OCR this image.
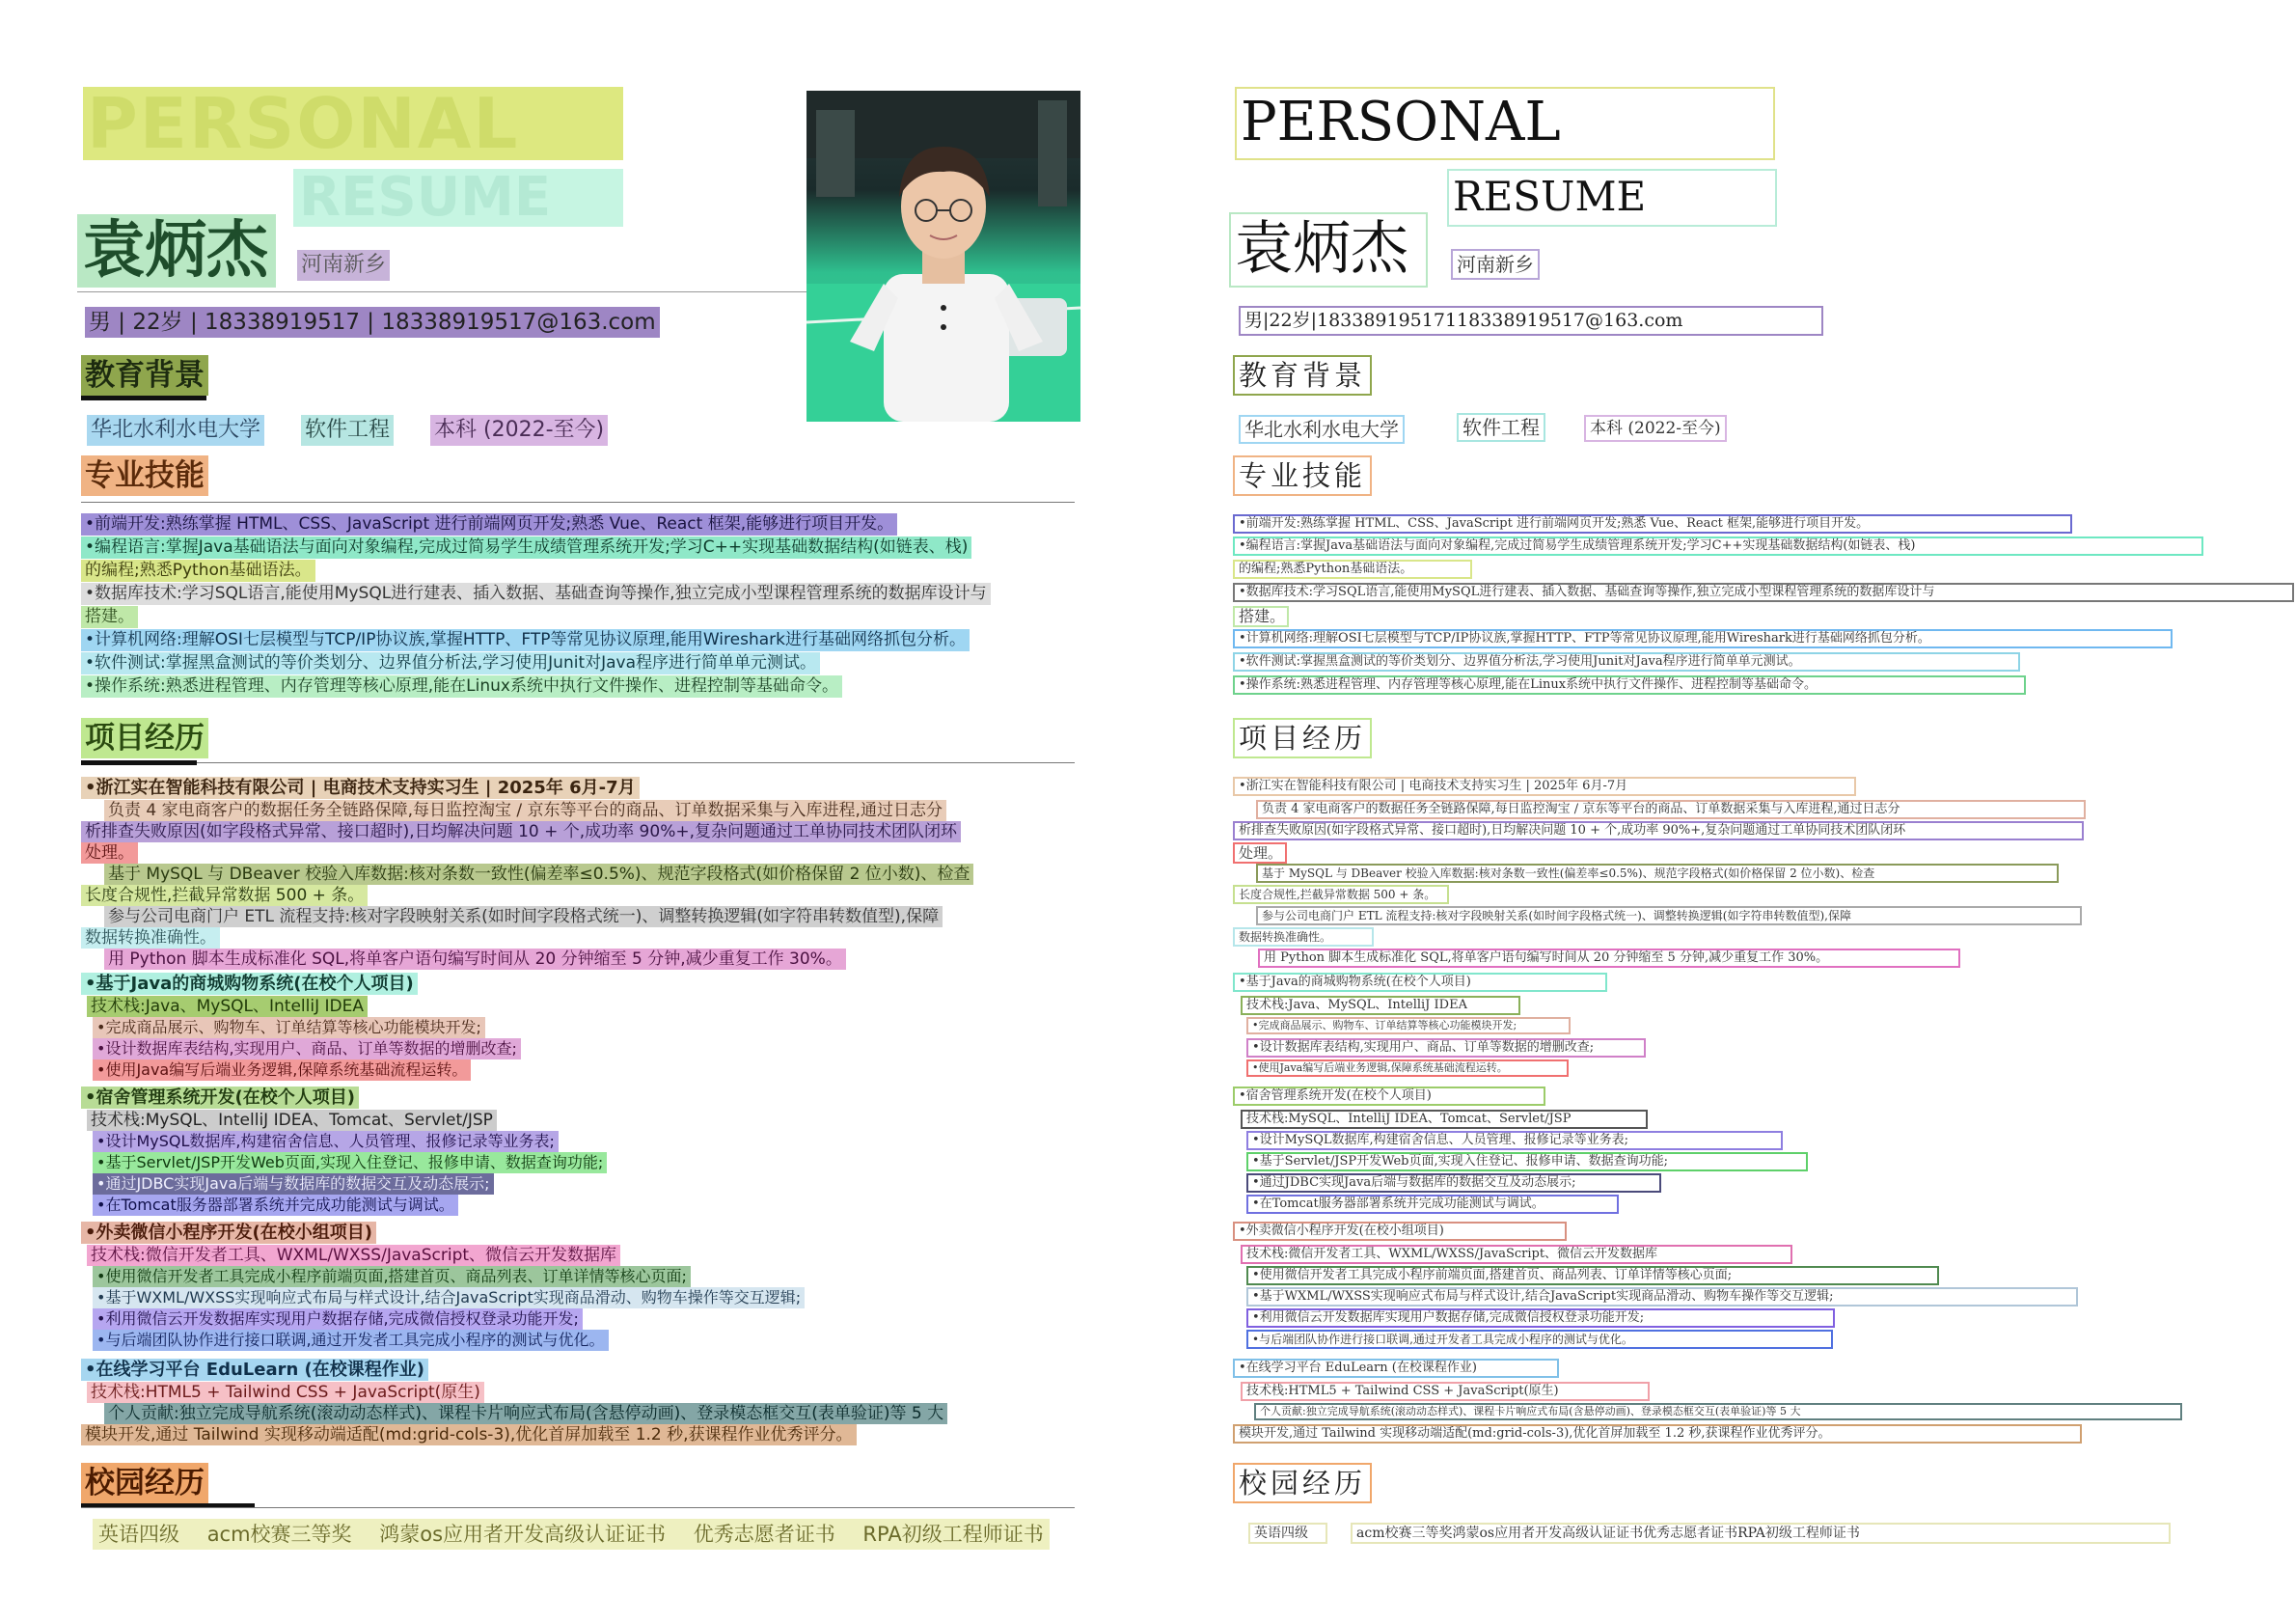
PERSONAL
RESUME
袁炳杰	河南新乡
男 | 22岁 | 18338919517 | 18338919517@163.com
教育背景
华北水利水电大学 软件工程 本科 (2022-至今)
专业技能
•前端开发:熟练掌握 HTML、CSS、JavaScript 进行前端网页开发;熟悉 Vue、React 框架,能够进行项目开发。
•编程语言:掌握Java基础语法与面向对象编程,完成过简易学生成绩管理系统开发;学习C++实现基础数据结构(如链表、栈)
的编程;熟悉Python基础语法。
•数据库技术:学习SQL语言,能使用MySQL进行建表、插入数据、基础查询等操作,独立完成小型课程管理系统的数据库设计与
搭建。
•计算机网络:理解OSI七层模型与TCP/IP协议族,掌握HTTP、FTP等常见协议原理,能用Wireshark进行基础网络抓包分析。
•软件测试:掌握黑盒测试的等价类划分、边界值分析法,学习使用Junit对Java程序进行简单单元测试。
•操作系统:熟悉进程管理、内存管理等核心原理,能在Linux系统中执行文件操作、进程控制等基础命令。
项目经历
•浙江实在智能科技有限公司 | 电商技术支持实习生 | 2025年 6月-7月
负责 4 家电商客户的数据任务全链路保障,每日监控淘宝 / 京东等平台的商品、订单数据采集与入库进程,通过日志分
析排查失败原因(如字段格式异常、接口超时),日均解决问题 10 + 个,成功率 90%+,复杂问题通过工单协同技术团队闭环
处理。
基于 MySQL 与 DBeaver 校验入库数据:核对条数一致性(偏差率≤0.5%)、规范字段格式(如价格保留 2 位小数)、检查
长度合规性,拦截异常数据 500 + 条。
参与公司电商门户 ETL 流程支持:核对字段映射关系(如时间字段格式统一)、调整转换逻辑(如字符串转数值型),保障
数据转换准确性。
用 Python 脚本生成标准化 SQL,将单客户语句编写时间从 20 分钟缩至 5 分钟,减少重复工作 30%。
•基于Java的商城购物系统(在校个人项目)
技术栈:Java、MySQL、IntelliJ IDEA
•完成商品展示、购物车、订单结算等核心功能模块开发;
•设计数据库表结构,实现用户、商品、订单等数据的增删改查;
•使用Java编写后端业务逻辑,保障系统基础流程运转。
•宿舍管理系统开发(在校个人项目)
技术栈:MySQL、IntelliJ IDEA、Tomcat、Servlet/JSP
•设计MySQL数据库,构建宿舍信息、人员管理、报修记录等业务表;
•基于Servlet/JSP开发Web页面,实现入住登记、报修申请、数据查询功能;
•通过JDBC实现Java后端与数据库的数据交互及动态展示;
•在Tomcat服务器部署系统并完成功能测试与调试。
•外卖微信小程序开发(在校小组项目)
技术栈:微信开发者工具、WXML/WXSS/JavaScript、微信云开发数据库
•使用微信开发者工具完成小程序前端页面,搭建首页、商品列表、订单详情等核心页面;
•基于WXML/WXSS实现响应式布局与样式设计,结合JavaScript实现商品滑动、购物车操作等交互逻辑;
•利用微信云开发数据库实现用户数据存储,完成微信授权登录功能开发;
•与后端团队协作进行接口联调,通过开发者工具完成小程序的测试与优化。
•在线学习平台 EduLearn (在校课程作业)
技术栈:HTML5 + Tailwind CSS + JavaScript(原生)
个人贡献:独立完成导航系统(滚动动态样式)、课程卡片响应式布局(含悬停动画)、登录模态框交互(表单验证)等 5 大
模块开发,通过 Tailwind 实现移动端适配(md:grid-cols-3),优化首屏加载至 1.2 秒,获课程作业优秀评分。
校园经历
英语四级 acm校赛三等奖 鸿蒙os应用者开发高级认证证书 优秀志愿者证书 RPA初级工程师证书
PERSONAL
RESUME
袁炳杰	河南新乡
男|22岁|1833891951711833891951​7@163.com
教育背景
华北水利水电大学	软件工程	本科 (2022-至今)
专业技能
•前端开发:熟练掌握 HTML、CSS、JavaScript 进行前端网页开发;熟悉 Vue、React 框架,能够进行项目开发。
•编程语言:掌握Java基础语法与面向对象编程,完成过简易学生成绩管理系统开发;学习C++实现基础数据结构(如链表、栈)
的编程;熟悉Python基础语法。
•数据库技术:学习SQL语言,能使用MySQL进行建表、插入数据、基础查询等操作,独立完成小型课程管理系统的数据库设计与
搭建。
•计算机网络:理解OSI七层模型与TCP/IP协议族,掌握HTTP、FTP等常见协议原理,能用Wireshark进行基础网络抓包分析。
•软件测试:掌握黑盒测试的等价类划分、边界值分析法,学习使用Junit对Java程序进行简单单元测试。
•操作系统:熟悉进程管理、内存管理等核心原理,能在Linux系统中执行文件操作、进程控制等基础命令。
项目经历
•浙江实在智能科技有限公司 | 电商技术支持实习生 | 2025年 6月-7月
负责 4 家电商客户的数据任务全链路保障,每日监控淘宝 / 京东等平台的商品、订单数据采集与入库进程,通过日志分
析排查失败原因(如字段格式异常、接口超时),日均解决问题 10 + 个,成功率 90%+,复杂问题通过工单协同技术团队闭环
处理。
基于 MySQL 与 DBeaver 校验入库数据:核对条数一致性(偏差率≤0.5%)、规范字段格式(如价格保留 2 位小数)、检查
长度合规性,拦截异常数据 500 + 条。
参与公司电商门户 ETL 流程支持:核对字段映射关系(如时间字段格式统一)、调整转换逻辑(如字符串转数值型),保障
数据转换准确性。
用 Python 脚本生成标准化 SQL,将单客户语句编写时间从 20 分钟缩至 5 分钟,减少重复工作 30%。
•基于Java的商城购物系统(在校个人项目)
技术栈:Java、MySQL、IntelliJ IDEA
•完成商品展示、购物车、订单结算等核心功能模块开发;
•设计数据库表结构,实现用户、商品、订单等数据的增删改查;
•使用Java编写后端业务逻辑,保障系统基础流程运转。
•宿舍管理系统开发(在校个人项目)
技术栈:MySQL、IntelliJ IDEA、Tomcat、Servlet/JSP
•设计MySQL数据库,构建宿舍信息、人员管理、报修记录等业务表;
•基于Servlet/JSP开发Web页面,实现入住登记、报修申请、数据查询功能;
•通过JDBC实现Java后端与数据库的数据交互及动态展示;
•在Tomcat服务器部署系统并完成功能测试与调试。
•外卖微信小程序开发(在校小组项目)
技术栈:微信开发者工具、WXML/WXSS/JavaScript、微信云开发数据库
•使用微信开发者工具完成小程序前端页面,搭建首页、商品列表、订单详情等核心页面;
•基于WXML/WXSS实现响应式布局与样式设计,结合JavaScript实现商品滑动、购物车操作等交互逻辑;
•利用微信云开发数据库实现用户数据存储,完成微信授权登录功能开发;
•与后端团队协作进行接口联调,通过开发者工具完成小程序的测试与优化。
•在线学习平台 EduLearn (在校课程作业)
技术栈:HTML5 + Tailwind CSS + JavaScript(原生)
个人贡献:独立完成导航系统(滚动动态样式)、课程卡片响应式布局(含悬停动画)、登录模态框交互(表单验证)等 5 大
模块开发,通过 Tailwind 实现移动端适配(md:grid-cols-3),优化首屏加载至 1.2 秒,获课程作业优秀评分。
校园经历
英语四级	acm校赛三等奖鸿蒙os应用者开发高级认证证书优秀志愿者证书RPA初级工程师证书
